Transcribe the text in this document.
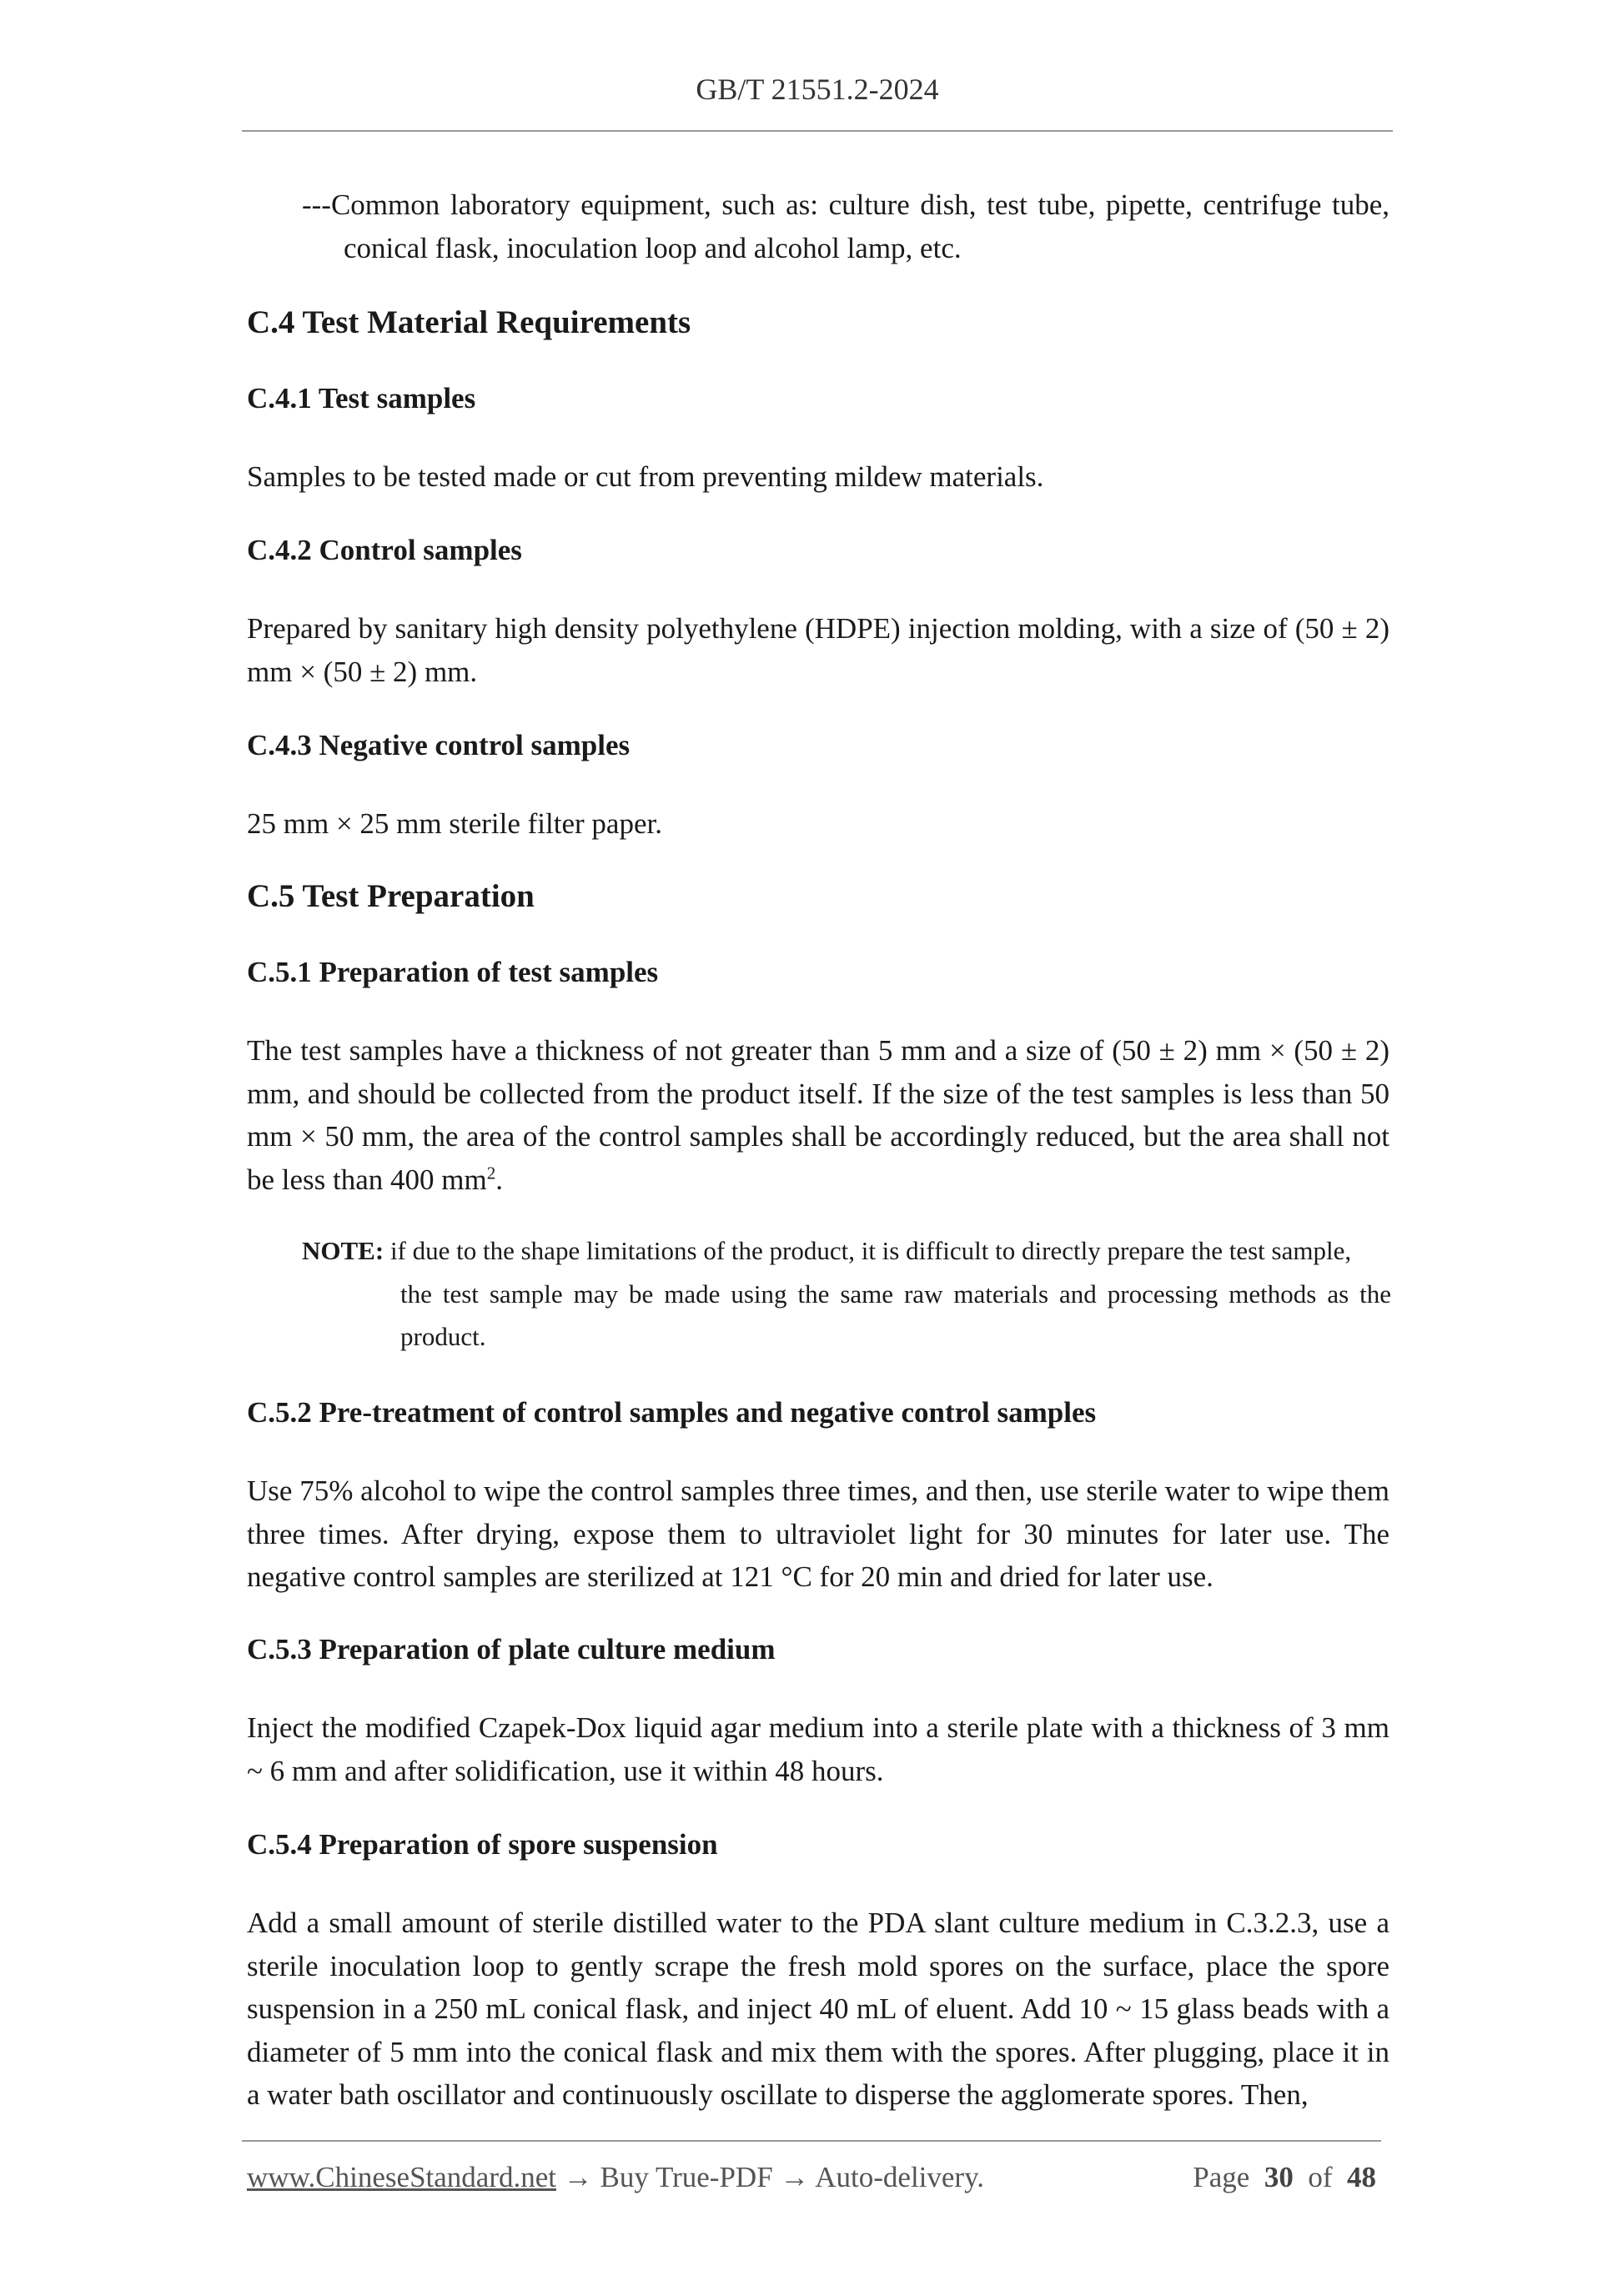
GB/T 21551.2-2024
---Common laboratory equipment, such as: culture dish, test tube, pipette, centrifuge tube, conical flask, inoculation loop and alcohol lamp, etc.
C.4 Test Material Requirements
C.4.1 Test samples
Samples to be tested made or cut from preventing mildew materials.
C.4.2 Control samples
Prepared by sanitary high density polyethylene (HDPE) injection molding, with a size of (50 ± 2) mm × (50 ± 2) mm.
C.4.3 Negative control samples
25 mm × 25 mm sterile filter paper.
C.5 Test Preparation
C.5.1 Preparation of test samples
The test samples have a thickness of not greater than 5 mm and a size of (50 ± 2) mm × (50 ± 2) mm, and should be collected from the product itself. If the size of the test samples is less than 50 mm × 50 mm, the area of the control samples shall be accordingly reduced, but the area shall not be less than 400 $mm^2$.
NOTE: if due to the shape limitations of the product, it is difficult to directly prepare the test sample,
the test sample may be made using the same raw materials and processing methods as the product.
C.5.2 Pre-treatment of control samples and negative control samples
Use 75% alcohol to wipe the control samples three times, and then, use sterile water to wipe them three times. After drying, expose them to ultraviolet light for 30 minutes for later use. The negative control samples are sterilized at 121 °C for 20 min and dried for later use.
C.5.3 Preparation of plate culture medium
Inject the modified Czapek-Dox liquid agar medium into a sterile plate with a thickness of 3 mm ~ 6 mm and after solidification, use it within 48 hours.
C.5.4 Preparation of spore suspension
Add a small amount of sterile distilled water to the PDA slant culture medium in C.3.2.3, use a sterile inoculation loop to gently scrape the fresh mold spores on the surface, place the spore suspension in a 250 mL conical flask, and inject 40 mL of eluent. Add 10 ~ 15 glass beads with a diameter of 5 mm into the conical flask and mix them with the spores. After plugging, place it in a water bath oscillator and continuously oscillate to disperse the agglomerate spores. Then,
www.ChineseStandard.net → Buy True-PDF → Auto-delivery.	Page 30 of 48
